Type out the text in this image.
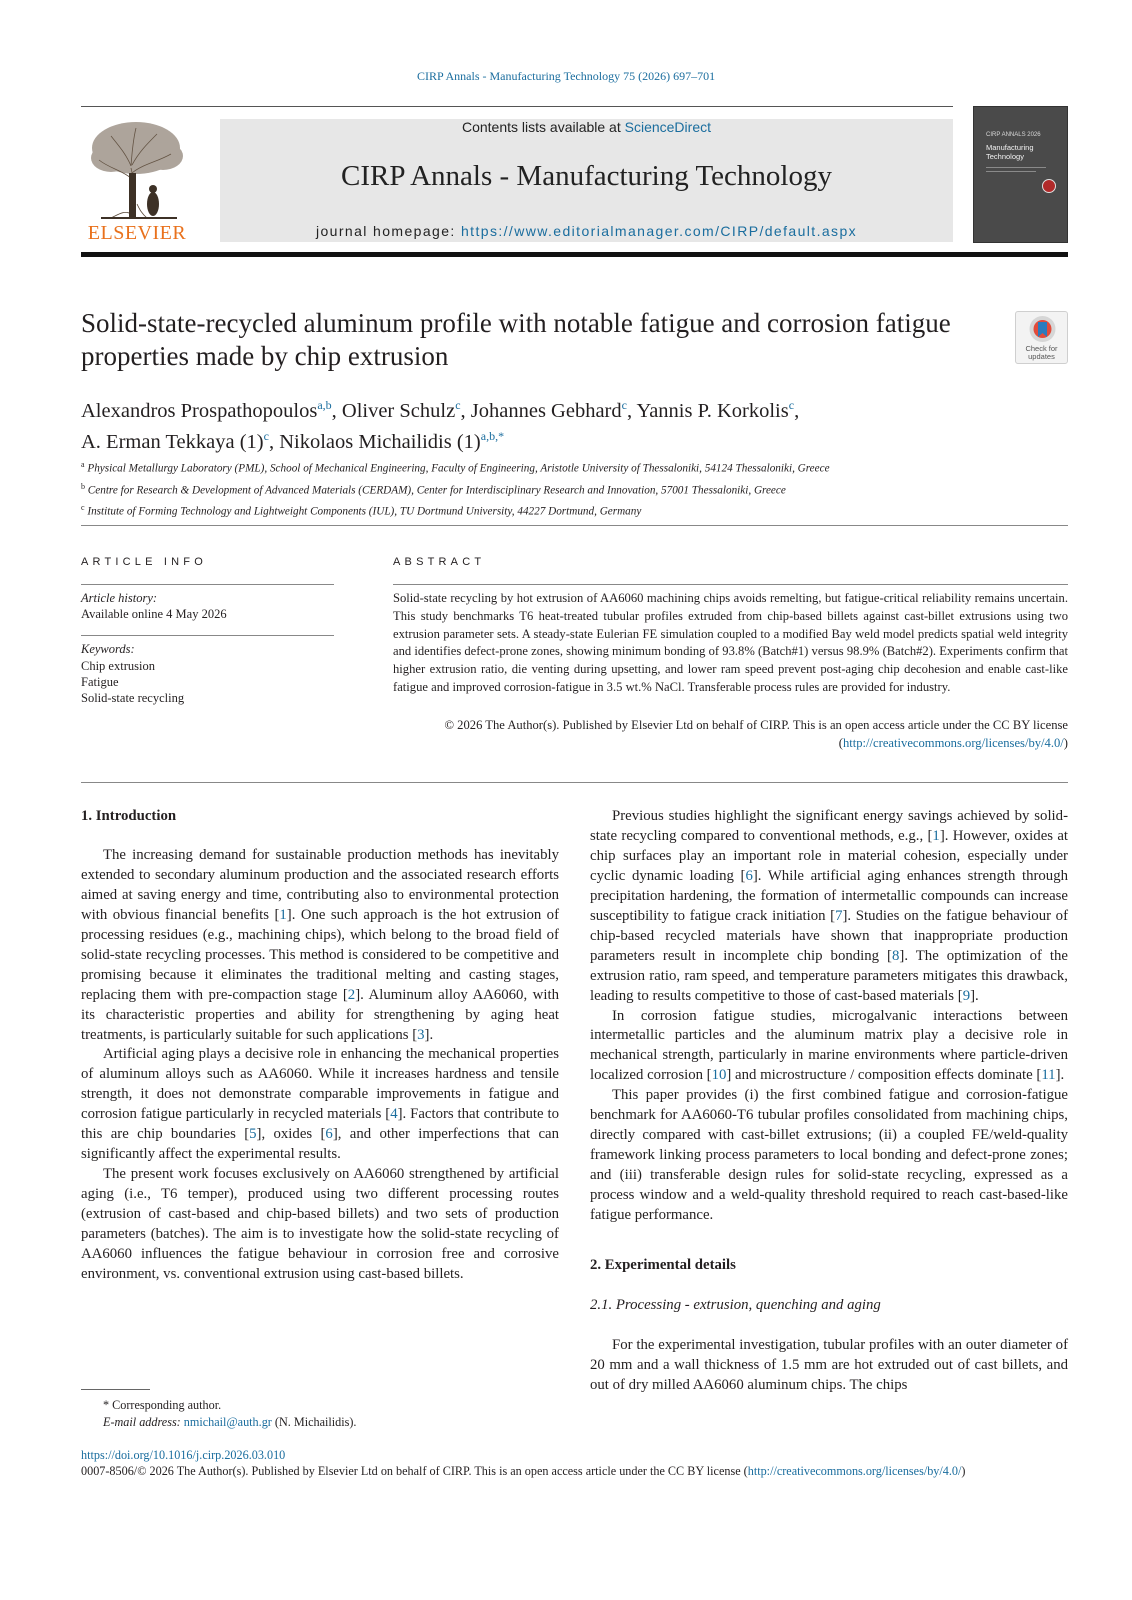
CIRP Annals - Manufacturing Technology 75 (2026) 697–701
ELSEVIER
Contents lists available at ScienceDirect
CIRP Annals - Manufacturing Technology
journal homepage: https://www.editorialmanager.com/CIRP/default.aspx
CIRP ANNALS 2026
Manufacturing Technology
Solid-state-recycled aluminum profile with notable fatigue and corrosion fatigue properties made by chip extrusion	Check for
updates
Alexandros Prospathopoulos$^{a,b}$, Oliver Schulz$^c$, Johannes Gebhard$^c$, Yannis P. Korkolis$^c$,
A. Erman Tekkaya $(1)^c$, Nikolaos Michailidis $(1)^{a,b,*}$
$^a$ Physical Metallurgy Laboratory (PML), School of Mechanical Engineering, Faculty of Engineering, Aristotle University of Thessaloniki, 54124 Thessaloniki, Greece
$^b$ Centre for Research & Development of Advanced Materials (CERDAM), Center for Interdisciplinary Research and Innovation, 57001 Thessaloniki, Greece
$^c$ Institute of Forming Technology and Lightweight Components (IUL), TU Dortmund University, 44227 Dortmund, Germany
ARTICLE INFO
Article history:
Available online 4 May 2026
Keywords:
Chip extrusion
Fatigue
Solid-state recycling
ABSTRACT
Solid-state recycling by hot extrusion of AA6060 machining chips avoids remelting, but fatigue-critical reliability remains uncertain. This study benchmarks T6 heat-treated tubular profiles extruded from chip-based billets against cast-billet extrusions using two extrusion parameter sets. A steady-state Eulerian FE simulation coupled to a modified Bay weld model predicts spatial weld integrity and identifies defect-prone zones, showing minimum bonding of 93.8% (Batch#1) versus 98.9% (Batch#2). Experiments confirm that higher extrusion ratio, die venting during upsetting, and lower ram speed prevent post-aging chip decohesion and enable cast-like fatigue and improved corrosion-fatigue in 3.5 wt.% NaCl. Transferable process rules are provided for industry.
© 2026 The Author(s). Published by Elsevier Ltd on behalf of CIRP. This is an open access article under the CC BY license (http://creativecommons.org/licenses/by/4.0/)
1. Introduction

The increasing demand for sustainable production methods has inevitably extended to secondary aluminum production and the associated research efforts aimed at saving energy and time, contributing also to environmental protection with obvious financial benefits [1]. One such approach is the hot extrusion of processing residues (e.g., machining chips), which belong to the broad field of solid-state recycling processes. This method is considered to be competitive and promising because it eliminates the traditional melting and casting stages, replacing them with pre-compaction stage [2]. Aluminum alloy AA6060, with its characteristic properties and ability for strengthening by aging heat treatments, is particularly suitable for such applications [3].

Artificial aging plays a decisive role in enhancing the mechanical properties of aluminum alloys such as AA6060. While it increases hardness and tensile strength, it does not demonstrate comparable improvements in fatigue and corrosion fatigue particularly in recycled materials [4]. Factors that contribute to this are chip boundaries [5], oxides [6], and other imperfections that can significantly affect the experimental results.

The present work focuses exclusively on AA6060 strengthened by artificial aging (i.e., T6 temper), produced using two different processing routes (extrusion of cast-based and chip-based billets) and two sets of production parameters (batches). The aim is to investigate how the solid-state recycling of AA6060 influences the fatigue behaviour in corrosion free and corrosive environment, vs. conventional extrusion using cast-based billets.

Previous studies highlight the significant energy savings achieved by solid-state recycling compared to conventional methods, e.g., [1]. However, oxides at chip surfaces play an important role in material cohesion, especially under cyclic dynamic loading [6]. While artificial aging enhances strength through precipitation hardening, the formation of intermetallic compounds can increase susceptibility to fatigue crack initiation [7]. Studies on the fatigue behaviour of chip-based recycled materials have shown that inappropriate production parameters result in incomplete chip bonding [8]. The optimization of the extrusion ratio, ram speed, and temperature parameters mitigates this drawback, leading to results competitive to those of cast-based materials [9].

In corrosion fatigue studies, microgalvanic interactions between intermetallic particles and the aluminum matrix play a decisive role in mechanical strength, particularly in marine environments where particle-driven localized corrosion [10] and microstructure / composition effects dominate [11].

This paper provides (i) the first combined fatigue and corrosion-fatigue benchmark for AA6060-T6 tubular profiles consolidated from machining chips, directly compared with cast-billet extrusions; (ii) a coupled FE/weld-quality framework linking process parameters to local bonding and defect-prone zones; and (iii) transferable design rules for solid-state recycling, expressed as a process window and a weld-quality threshold required to reach cast-based-like fatigue performance.

2. Experimental details
2.1. Processing - extrusion, quenching and aging

For the experimental investigation, tubular profiles with an outer diameter of 20 mm and a wall thickness of 1.5 mm are hot extruded out of cast billets, and out of dry milled AA6060 aluminum chips. The chips

* Corresponding author.
E-mail address: nmichail@auth.gr (N. Michailidis).
https://doi.org/10.1016/j.cirp.2026.03.010
0007-8506/© 2026 The Author(s). Published by Elsevier Ltd on behalf of CIRP. This is an open access article under the CC BY license (http://creativecommons.org/licenses/by/4.0/)
